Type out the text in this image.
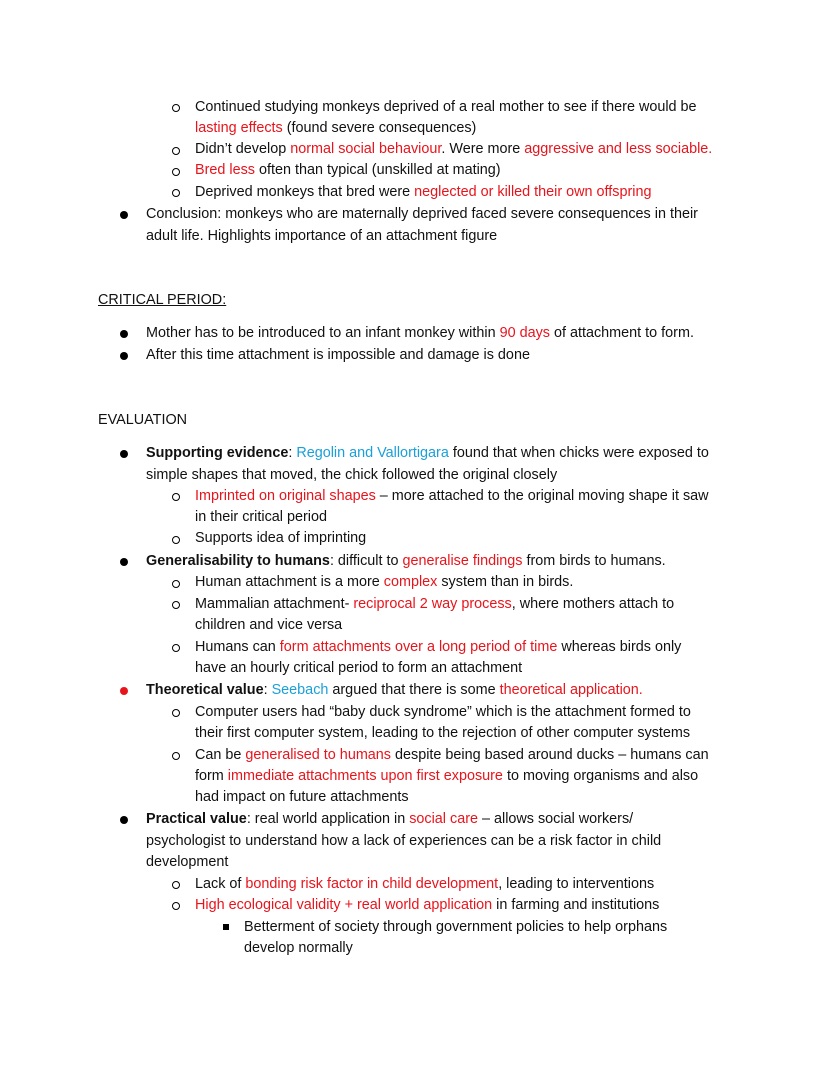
Continued studying monkeys deprived of a real mother to see if there would be
lasting effects (found severe consequences)
Didn’t develop normal social behaviour. Were more aggressive and less sociable.
Bred less often than typical (unskilled at mating)
Deprived monkeys that bred were neglected or killed their own offspring
Conclusion: monkeys who are maternally deprived faced severe consequences in their
adult life. Highlights importance of an attachment figure
CRITICAL PERIOD:
Mother has to be introduced to an infant monkey within 90 days of attachment to form.
After this time attachment is impossible and damage is done
EVALUATION
Supporting evidence: Regolin and Vallortigara found that when chicks were exposed to
simple shapes that moved, the chick followed the original closely
Imprinted on original shapes – more attached to the original moving shape it saw
in their critical period
Supports idea of imprinting
Generalisability to humans: difficult to generalise findings from birds to humans.
Human attachment is a more complex system than in birds.
Mammalian attachment- reciprocal 2 way process, where mothers attach to
children and vice versa
Humans can form attachments over a long period of time whereas birds only
have an hourly critical period to form an attachment
Theoretical value: Seebach argued that there is some theoretical application.
Computer users had “baby duck syndrome” which is the attachment formed to
their first computer system, leading to the rejection of other computer systems
Can be generalised to humans despite being based around ducks – humans can
form immediate attachments upon first exposure to moving organisms and also
had impact on future attachments
Practical value: real world application in social care – allows social workers/
psychologist to understand how a lack of experiences can be a risk factor in child
development
Lack of bonding risk factor in child development, leading to interventions
High ecological validity + real world application in farming and institutions
Betterment of society through government policies to help orphans
develop normally
